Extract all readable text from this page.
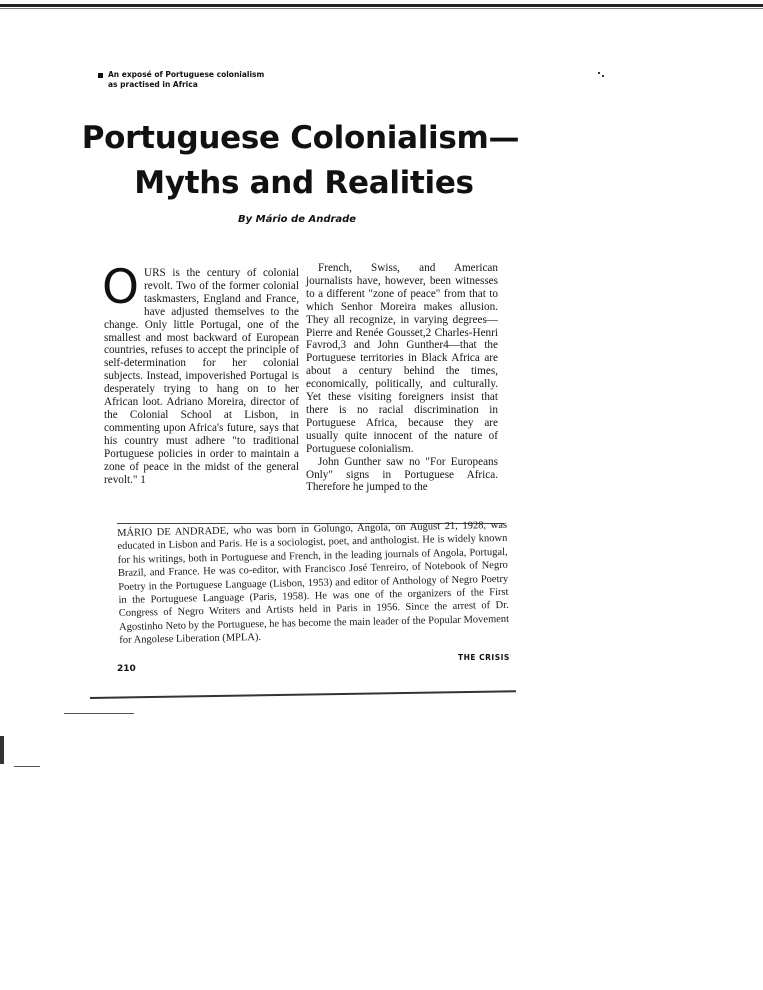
An exposé of Portuguese colonialism
as practised in Africa
Portuguese Colonialism—
Myths and Realities
By Mário de Andrade

OURS is the century of colonial revolt. Two of the former colonial taskmasters, England and France, have adjusted themselves to the change. Only little Portugal, one of the smallest and most backward of European countries, refuses to accept the principle of self-determination for her colonial subjects. Instead, impoverished Portugal is desperately trying to hang on to her African loot. Adriano Moreira, director of the Colonial School at Lisbon, in commenting upon Africa's future, says that his country must adhere "to traditional Portuguese policies in order to maintain a zone of peace in the midst of the general revolt." 1

French, Swiss, and American journalists have, however, been witnesses to a different "zone of peace" from that to which Senhor Moreira makes allusion. They all recognize, in varying degrees—Pierre and Renée Gousset,2 Charles-Henri Favrod,3 and John Gunther4—that the Portuguese territories in Black Africa are about a century behind the times, economically, politically, and culturally. Yet these visiting foreigners insist that there is no racial discrimination in Portuguese Africa, because they are usually quite innocent of the nature of Portuguese colonialism.

John Gunther saw no "For Europeans Only" signs in Portuguese Africa. Therefore he jumped to the

MÁRIO DE ANDRADE, who was born in Golungo, Angola, on August 21, 1928, was educated in Lisbon and Paris. He is a sociologist, poet, and anthologist. He is widely known for his writings, both in Portuguese and French, in the leading journals of Angola, Portugal, Brazil, and France. He was co-editor, with Francisco José Tenreiro, of Notebook of Negro Poetry in the Portuguese Language (Lisbon, 1953) and editor of Anthology of Negro Poetry in the Portuguese Language (Paris, 1958). He was one of the organizers of the First Congress of Negro Writers and Artists held in Paris in 1956. Since the arrest of Dr. Agostinho Neto by the Portuguese, he has become the main leader of the Popular Movement for Angolese Liberation (MPLA).
THE CRISIS
210
